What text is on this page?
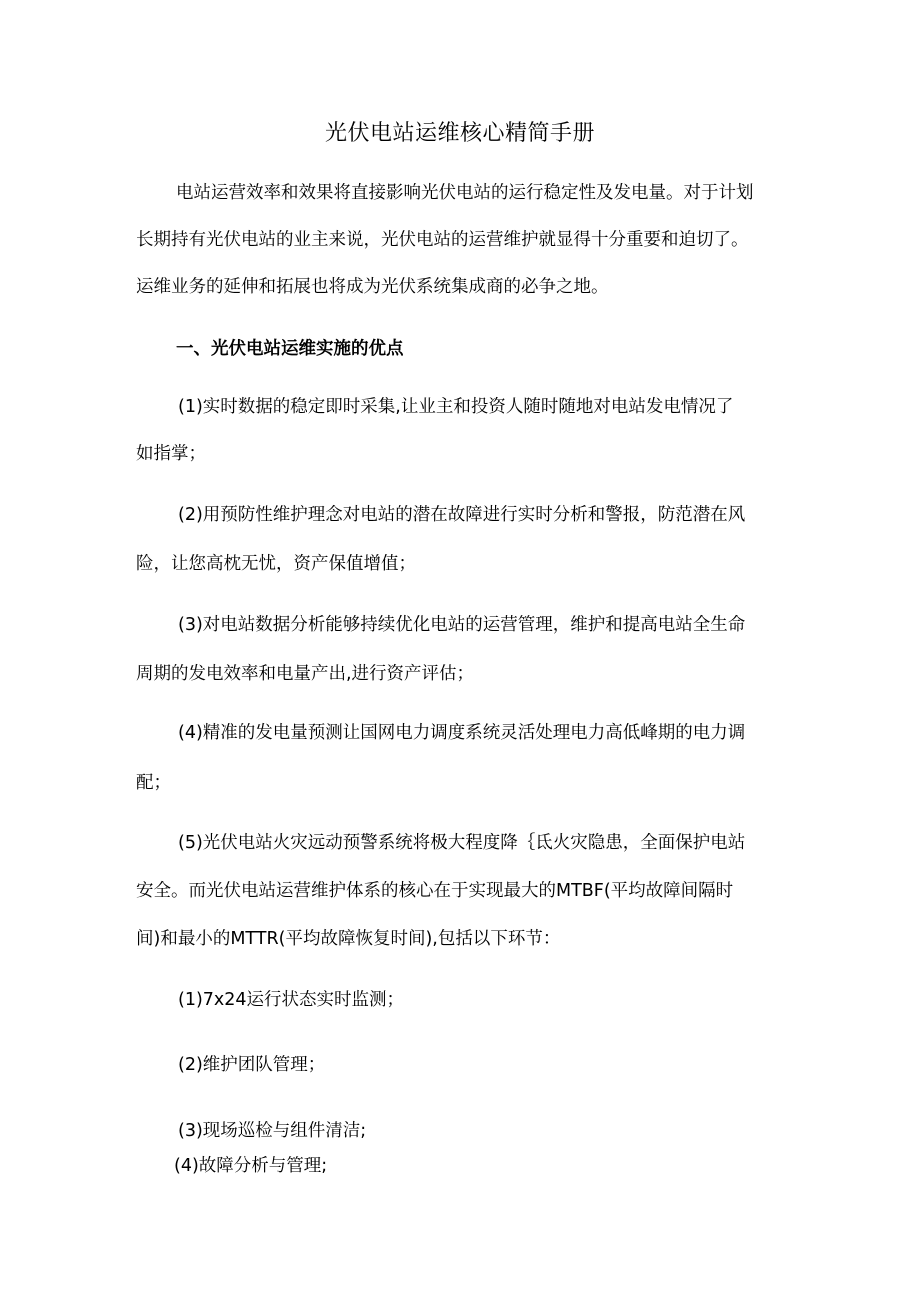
光伏电站运维核心精简手册
电站运营效率和效果将直接影响光伏电站的运行稳定性及发电量。对于计划
长期持有光伏电站的业主来说，光伏电站的运营维护就显得十分重要和迫切了。
运维业务的延伸和拓展也将成为光伏系统集成商的必争之地。
一、光伏电站运维实施的优点
(1)实时数据的稳定即时采集,让业主和投资人随时随地对电站发电情况了
如指掌；
(2)用预防性维护理念对电站的潜在故障进行实时分析和警报，防范潜在风
险，让您高枕无忧，资产保值增值；
(3)对电站数据分析能够持续优化电站的运营管理，维护和提高电站全生命
周期的发电效率和电量产出,进行资产评估；
(4)精准的发电量预测让国网电力调度系统灵活处理电力高低峰期的电力调
配；
(5)光伏电站火灾远动预警系统将极大程度降｛氐火灾隐患，全面保护电站
安全。而光伏电站运营维护体系的核心在于实现最大的MTBF(平均故障间隔时
间)和最小的MTTR(平均故障恢复时间),包括以下环节：
(1)7x24运行状态实时监测；
(2)维护团队管理；
(3)现场巡检与组件清洁;
(4)故障分析与管理;
